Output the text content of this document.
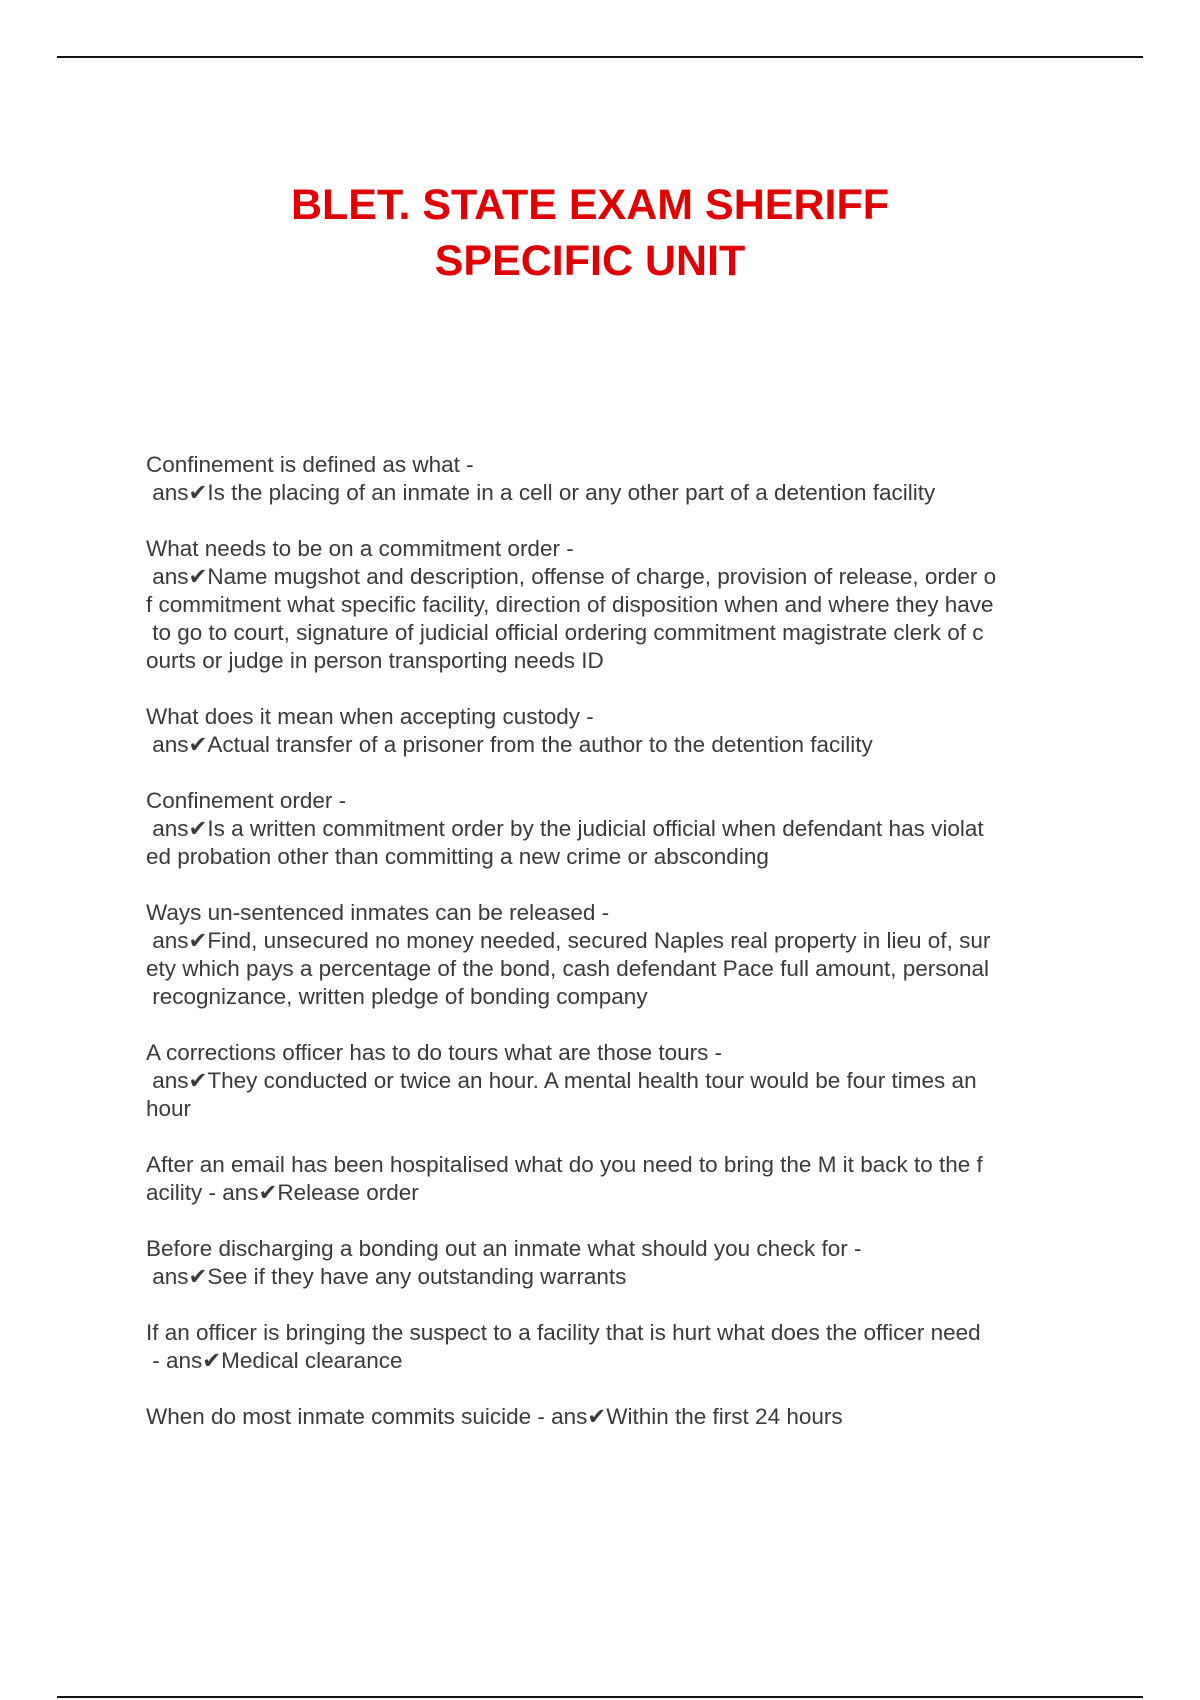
BLET. STATE EXAM SHERIFF
SPECIFIC UNIT
Confinement is defined as what -
ans✔Is the placing of an inmate in a cell or any other part of a detention facility
What needs to be on a commitment order -
ans✔Name mugshot and description, offense of charge, provision of release, order o
f commitment what specific facility, direction of disposition when and where they have
to go to court, signature of judicial official ordering commitment magistrate clerk of c
ourts or judge in person transporting needs ID
What does it mean when accepting custody -
ans✔Actual transfer of a prisoner from the author to the detention facility
Confinement order -
ans✔Is a written commitment order by the judicial official when defendant has violat
ed probation other than committing a new crime or absconding
Ways un-sentenced inmates can be released -
ans✔Find, unsecured no money needed, secured Naples real property in lieu of, sur
ety which pays a percentage of the bond, cash defendant Pace full amount, personal
recognizance, written pledge of bonding company
A corrections officer has to do tours what are those tours -
ans✔They conducted or twice an hour. A mental health tour would be four times an
hour
After an email has been hospitalised what do you need to bring the M it back to the f
acility - ans✔Release order
Before discharging a bonding out an inmate what should you check for -
ans✔See if they have any outstanding warrants
If an officer is bringing the suspect to a facility that is hurt what does the officer need
- ans✔Medical clearance
When do most inmate commits suicide - ans✔Within the first 24 hours
